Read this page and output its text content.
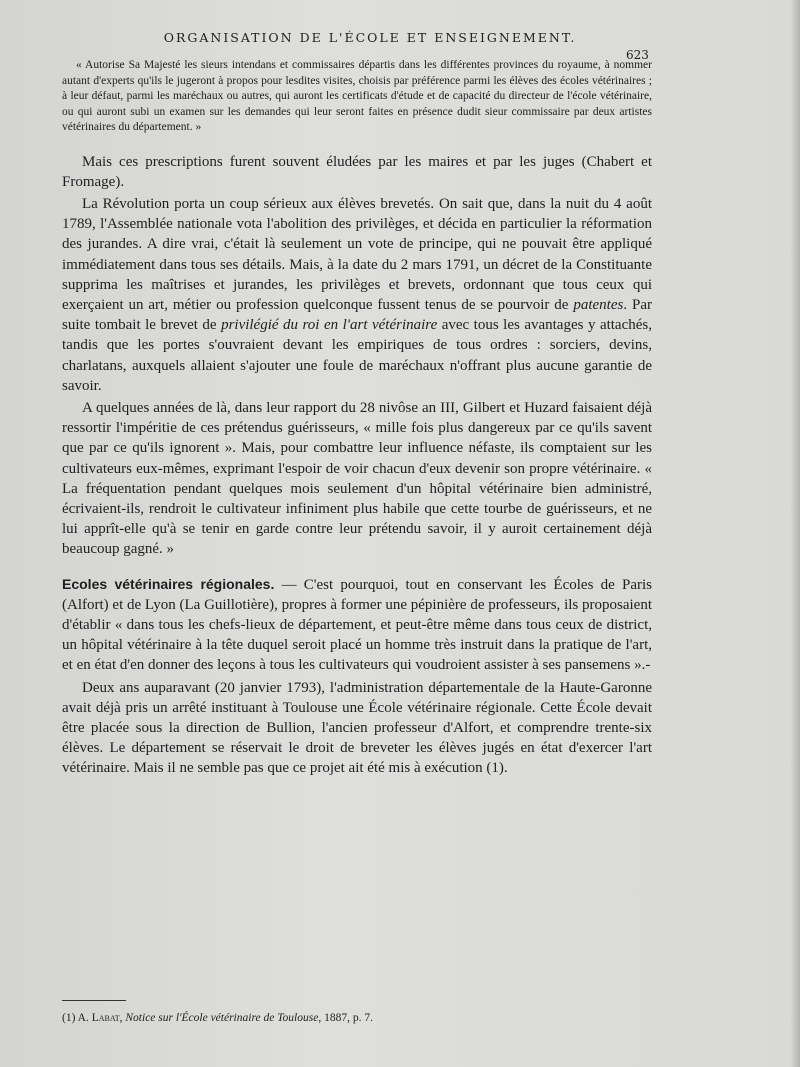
ORGANISATION DE L'ÉCOLE ET ENSEIGNEMENT.
623

« Autorise Sa Majesté les sieurs intendans et commissaires départis dans les différentes provinces du royaume, à nommer autant d'experts qu'ils le jugeront à propos pour lesdites visites, choisis par préférence parmi les élèves des écoles vétérinaires ; à leur défaut, parmi les maréchaux ou autres, qui auront les certificats d'étude et de capacité du directeur de l'école vétérinaire, ou qui auront subi un examen sur les demandes qui leur seront faites en présence dudit sieur commissaire par deux artistes vétérinaires du département. »

Mais ces prescriptions furent souvent éludées par les maires et par les juges (Chabert et Fromage).

La Révolution porta un coup sérieux aux élèves brevetés. On sait que, dans la nuit du 4 août 1789, l'Assemblée nationale vota l'abolition des privilèges, et décida en particulier la réformation des jurandes. A dire vrai, c'était là seulement un vote de principe, qui ne pouvait être appliqué immédiatement dans tous ses détails. Mais, à la date du 2 mars 1791, un décret de la Constituante supprima les maîtrises et jurandes, les privilèges et brevets, ordonnant que tous ceux qui exerçaient un art, métier ou profession quelconque fussent tenus de se pourvoir de patentes. Par suite tombait le brevet de privilégié du roi en l'art vétérinaire avec tous les avantages y attachés, tandis que les portes s'ouvraient devant les empiriques de tous ordres : sorciers, devins, charlatans, auxquels allaient s'ajouter une foule de maréchaux n'offrant plus aucune garantie de savoir.

A quelques années de là, dans leur rapport du 28 nivôse an III, Gilbert et Huzard faisaient déjà ressortir l'impéritie de ces prétendus guérisseurs, « mille fois plus dangereux par ce qu'ils savent que par ce qu'ils ignorent ». Mais, pour combattre leur influence néfaste, ils comptaient sur les cultivateurs eux-mêmes, exprimant l'espoir de voir chacun d'eux devenir son propre vétérinaire. « La fréquentation pendant quelques mois seulement d'un hôpital vétérinaire bien administré, écrivaient-ils, rendroit le cultivateur infiniment plus habile que cette tourbe de guérisseurs, et ne lui apprît-elle qu'à se tenir en garde contre leur prétendu savoir, il y auroit certainement déjà beaucoup gagné. »

Ecoles vétérinaires régionales. — C'est pourquoi, tout en conservant les Écoles de Paris (Alfort) et de Lyon (La Guillotière), propres à former une pépinière de professeurs, ils proposaient d'établir « dans tous les chefs-lieux de département, et peut-être même dans tous ceux de district, un hôpital vétérinaire à la tête duquel seroit placé un homme très instruit dans la pratique de l'art, et en état d'en donner des leçons à tous les cultivateurs qui voudroient assister à ses pansemens ».-

Deux ans auparavant (20 janvier 1793), l'administration départementale de la Haute-Garonne avait déjà pris un arrêté instituant à Toulouse une École vétérinaire régionale. Cette École devait être placée sous la direction de Bullion, l'ancien professeur d'Alfort, et comprendre trente-six élèves. Le département se réservait le droit de breveter les élèves jugés en état d'exercer l'art vétérinaire. Mais il ne semble pas que ce projet ait été mis à exécution (1).

(1) A. Labat, Notice sur l'École vétérinaire de Toulouse, 1887, p. 7.
